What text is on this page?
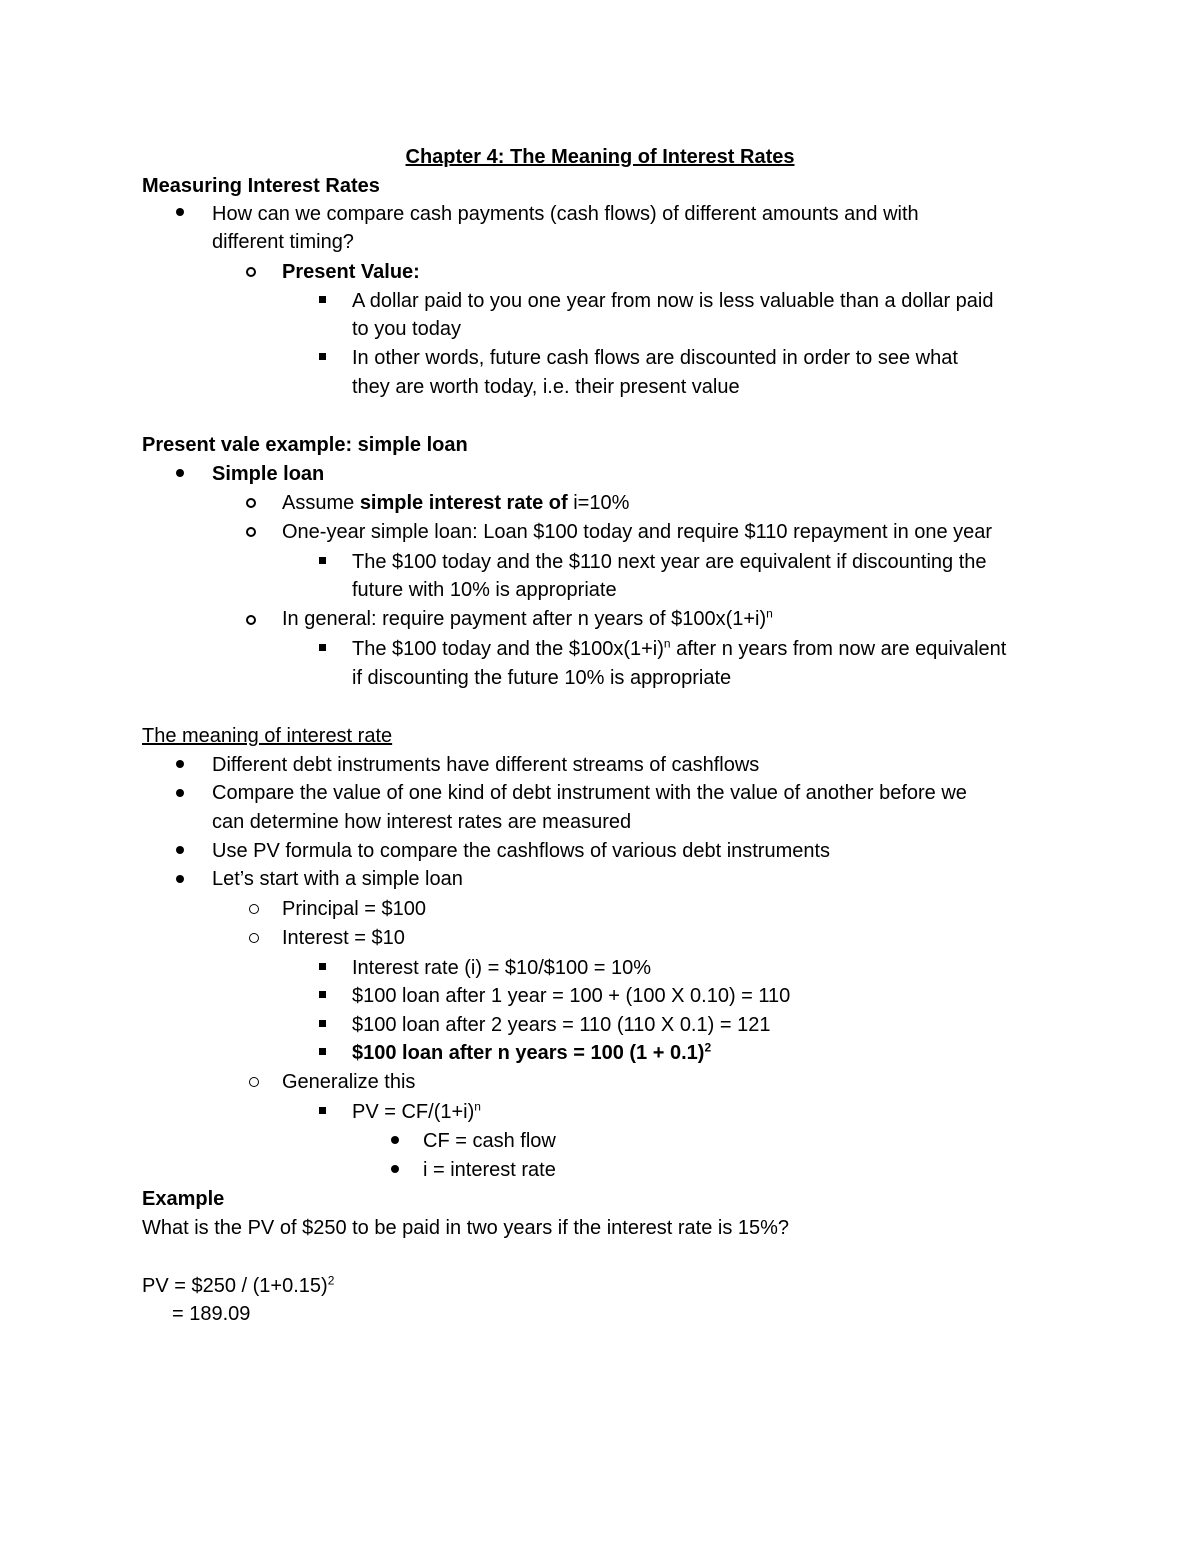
Chapter 4: The Meaning of Interest Rates
Measuring Interest Rates
How can we compare cash payments (cash flows) of different amounts and with
different timing?
Present Value:
A dollar paid to you one year from now is less valuable than a dollar paid
to you today
In other words, future cash flows are discounted in order to see what
they are worth today, i.e. their present value
Present vale example: simple loan
Simple loan
Assume simple interest rate of i=10%
One-year simple loan: Loan $100 today and require $110 repayment in one year
The $100 today and the $110 next year are equivalent if discounting the
future with 10% is appropriate
In general: require payment after n years of $\$100x(1+i)^n$
The $100 today and the $\$100x(1+i)^n$ after n years from now are equivalent
if discounting the future 10% is appropriate
The meaning of interest rate
Different debt instruments have different streams of cashflows
Compare the value of one kind of debt instrument with the value of another before we
can determine how interest rates are measured
Use PV formula to compare the cashflows of various debt instruments
Let’s start with a simple loan
Principal = $100
Interest = $10
Interest rate (i) = $10/$100 = 10%
$100 loan after 1 year = 100 + (100 X 0.10) = 110
$100 loan after 2 years = 110 (110 X 0.1) = 121
$100 loan after n years = 100 $(1 + 0.1)^2$
Generalize this
PV = $CF/(1+i)^n$
CF = cash flow
i = interest rate
Example
What is the PV of $250 to be paid in two years if the interest rate is 15%?
PV = $250 / $(1+0.15)^2$
= 189.09
